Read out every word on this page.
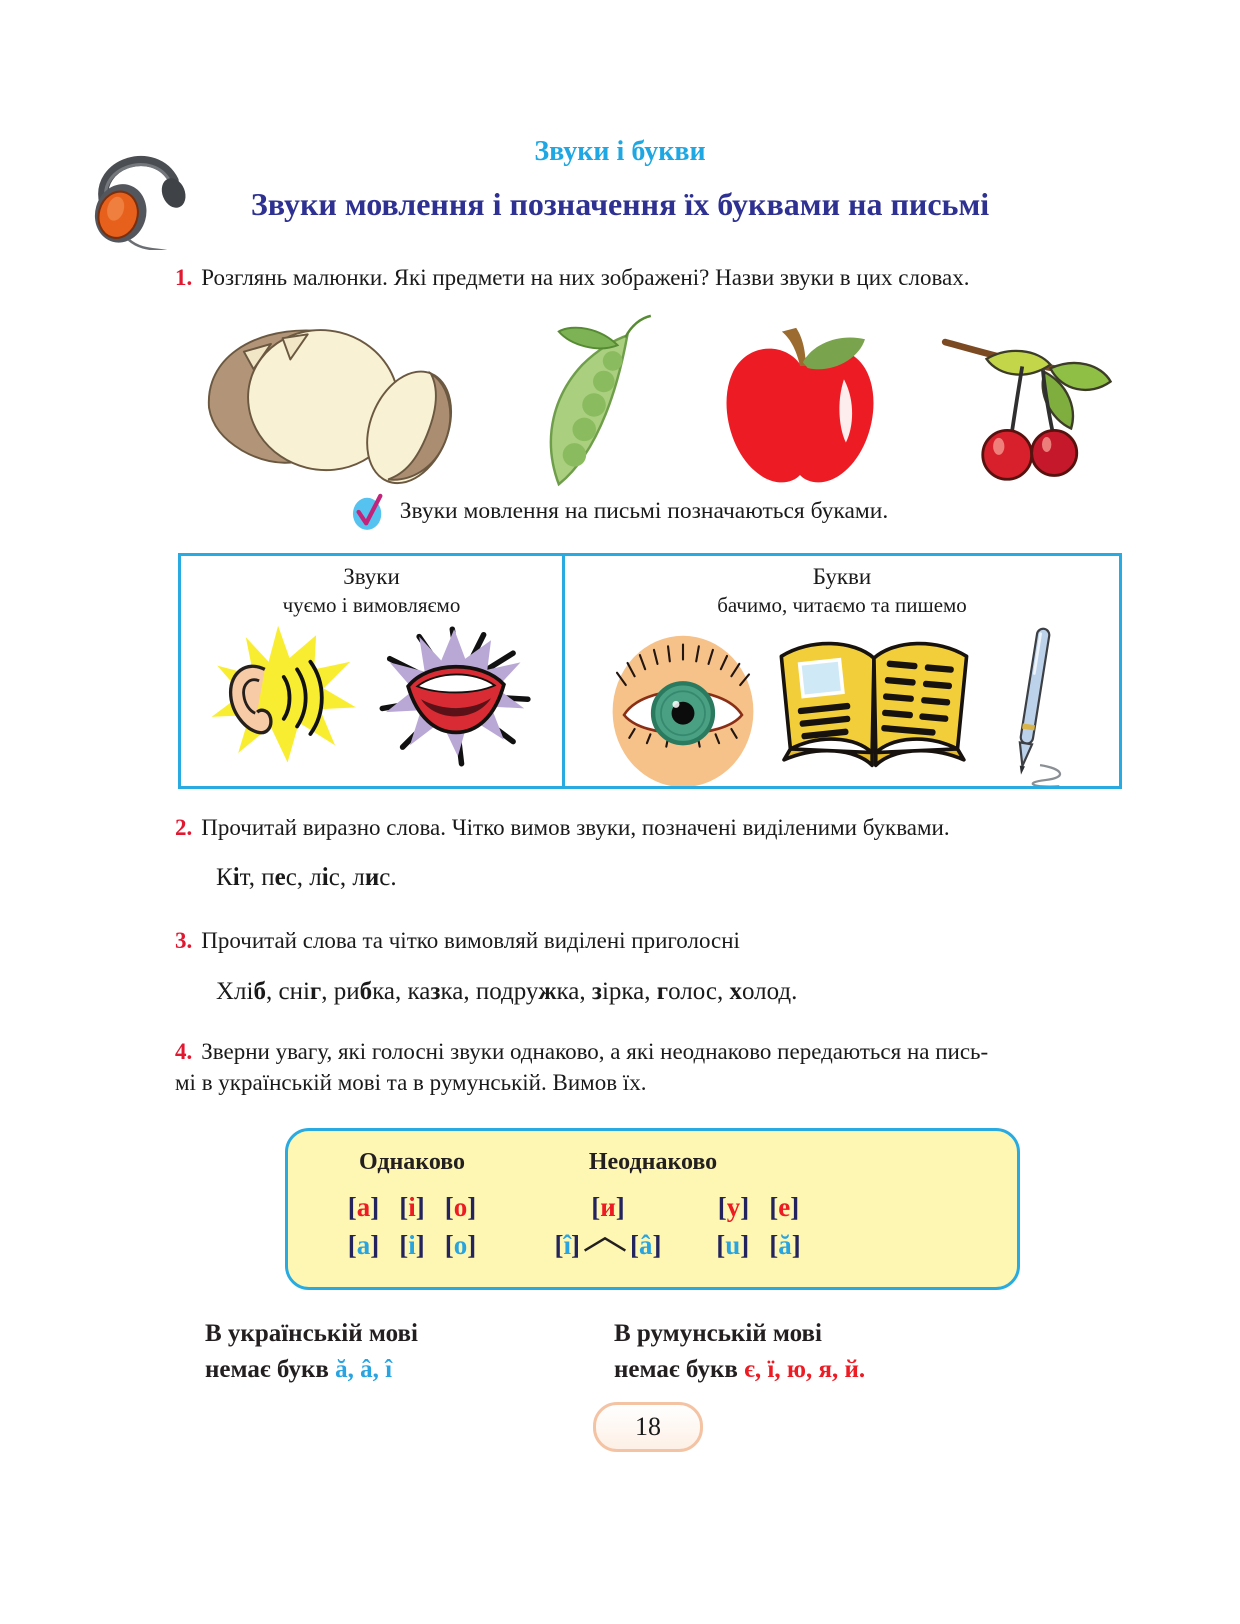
Звуки і букви
Звуки мовлення і позначення їх буквами на письмі

1. Розглянь малюнки. Які предмети на них зображені? Назви звуки в цих словах.

Звуки мовлення на письмі позначаються буками.
Звуки
чуємо і вимовляємо
Букви
бачимо, читаємо та пишемо

2. Прочитай виразно слова. Чітко вимов звуки, позначені виділеними буквами.

Кіт, пес, ліс, лис.

3. Прочитай слова та чітко вимовляй виділені приголосні

Хліб, сніг, рибка, казка, подружка, зірка, голос, холод.

4. Зверни увагу, які голосні звуки однаково, а які неоднаково передаються на пись-
мі в українській мові та в румунській. Вимов їх.

Однаково	Неоднаково
[а] [і] [о]
[a] [i] [o]
[и]
[î] [â]
[у] [е]
[u] [ă]
В українській мові
немає букв ă, â, î
В румунській мові
немає букв є, ї, ю, я, й.
18
